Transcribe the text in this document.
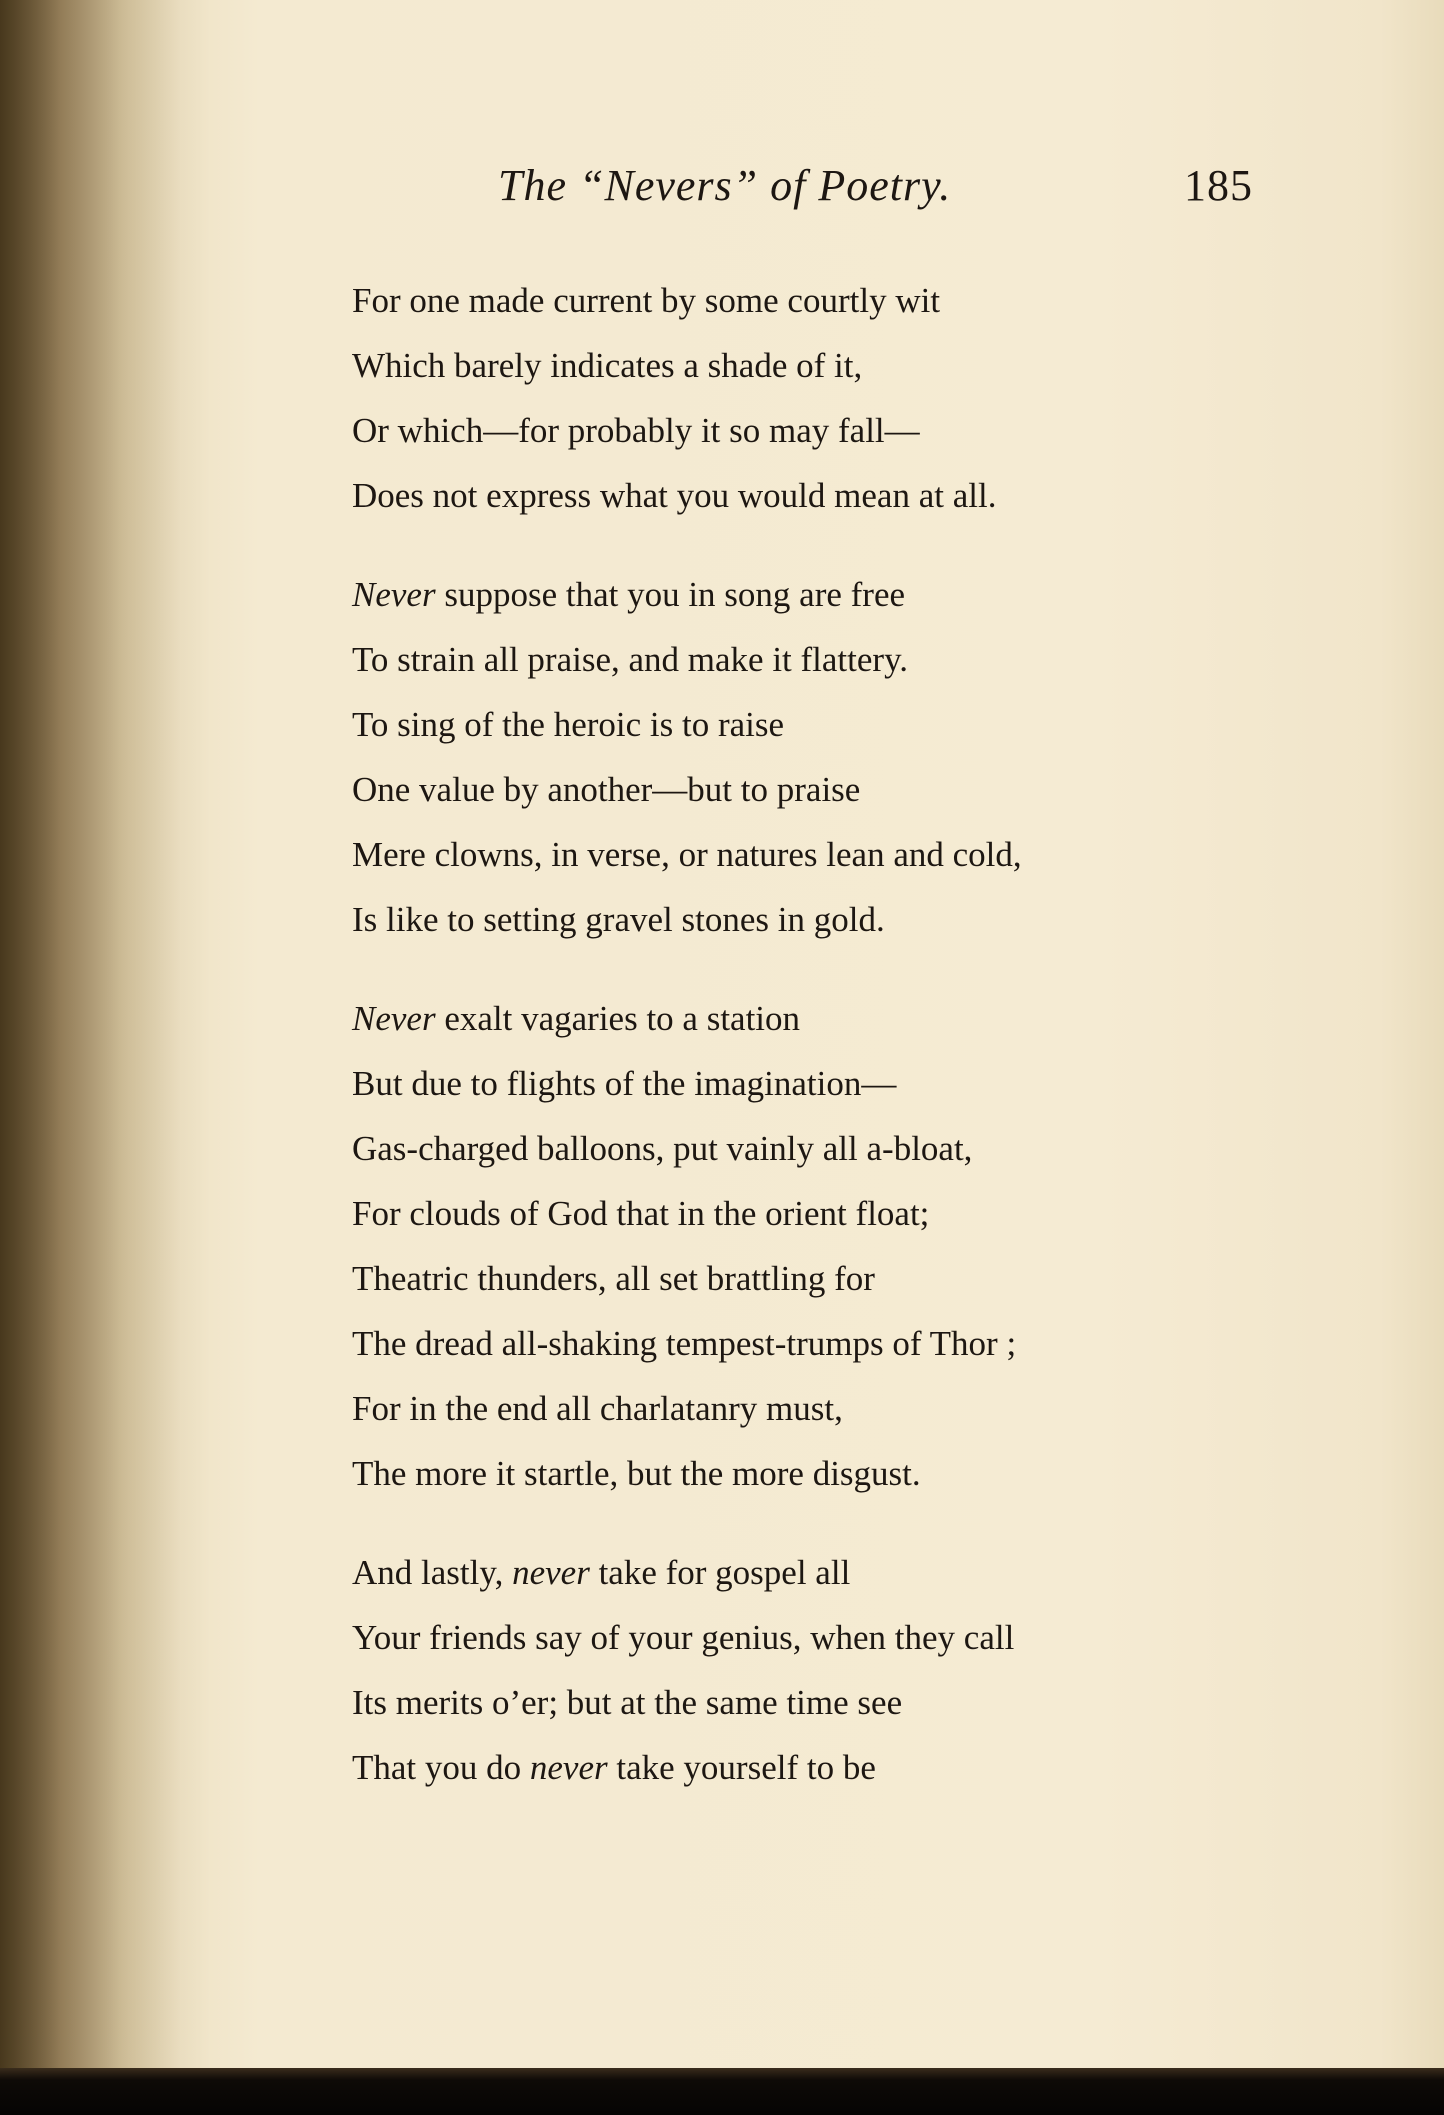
The “Nevers” of Poetry.	185
For one made current by some courtly wit
Which barely indicates a shade of it,
Or which—for probably it so may fall—
Does not express what you would mean at all.
Never suppose that you in song are free
To strain all praise, and make it flattery.
To sing of the heroic is to raise
One value by another—but to praise
Mere clowns, in verse, or natures lean and cold,
Is like to setting gravel stones in gold.
Never exalt vagaries to a station
But due to flights of the imagination—
Gas-charged balloons, put vainly all a-bloat,
For clouds of God that in the orient float;
Theatric thunders, all set brattling for
The dread all-shaking tempest-trumps of Thor ;
For in the end all charlatanry must,
The more it startle, but the more disgust.
And lastly, never take for gospel all
Your friends say of your genius, when they call
Its merits o’er; but at the same time see
That you do never take yourself to be
